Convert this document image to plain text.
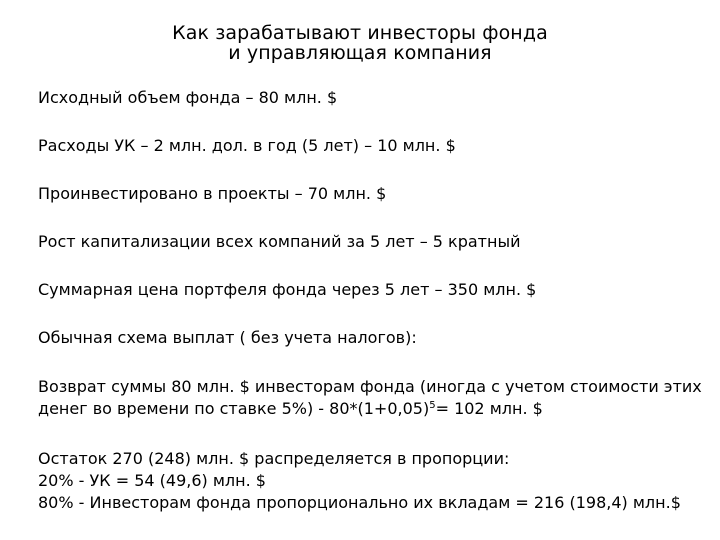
Как зарабатывают инвесторы фонда
и управляющая компания
Исходный объем фонда – 80 млн. $
Расходы УК – 2 млн. дол. в год (5 лет) – 10 млн. $
Проинвестировано в проекты – 70 млн. $
Рост капитализации всех компаний за 5 лет – 5 кратный
Суммарная цена портфеля фонда через 5 лет – 350 млн. $
Обычная схема выплат ( без учета налогов):
Возврат суммы 80 млн. $ инвесторам фонда (иногда с учетом стоимости этих
денег во времени по ставке $5\%) - 80*(1+0,05)^5= 102$ млн. $
Остаток 270 (248) млн. $ распределяется в пропорции:
20% - УК = 54 (49,6) млн. $
80% - Инвесторам фонда пропорционально их вкладам = 216 (198,4) млн.$
